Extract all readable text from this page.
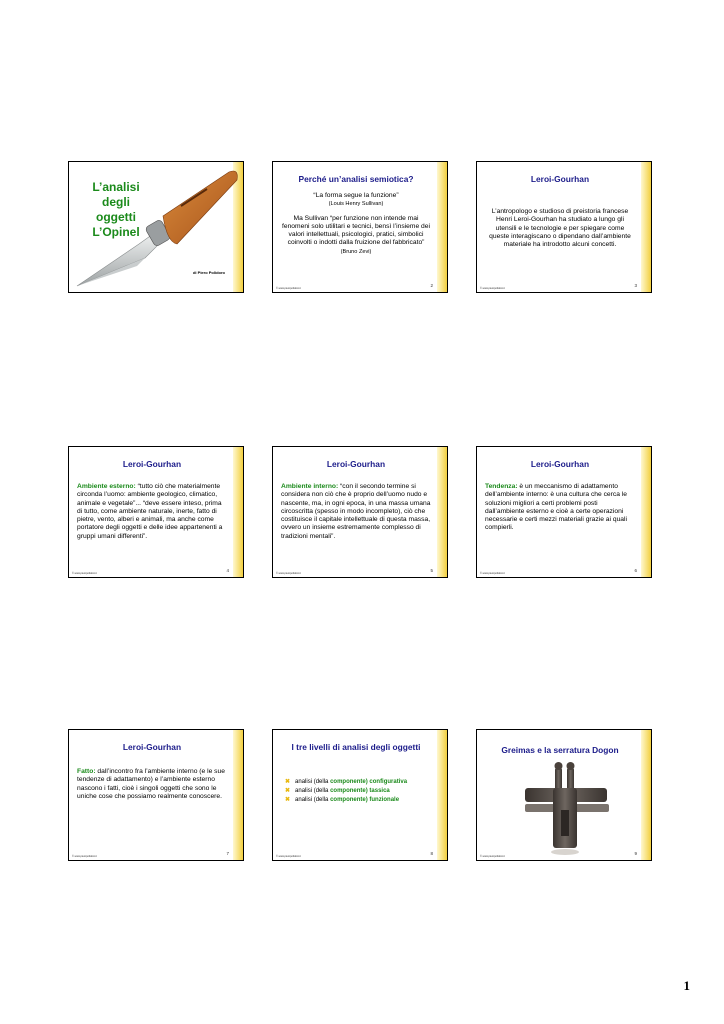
L’analisi
degli
oggetti
L’Opinel
di Piero Polidoro
Perché un’analisi semiotica?
“La forma segue la funzione”
(Louis Henry Sullivan)
Ma Sullivan “per funzione non intende mai fenomeni solo utilitari e tecnici, bensì l’insieme dei valori intellettuali, psicologici, pratici, simbolici coinvolti o indotti dalla fruizione del fabbricato”
(Bruno Zevi)
© www.pieropolidoro.it
2
Leroi-Gourhan
L’antropologo e studioso di preistoria francese Henri Leroi-Gourhan ha studiato a lungo gli utensili e le tecnologie e per spiegare come queste interagiscano o dipendano dall’ambiente materiale ha introdotto alcuni concetti.
© www.pieropolidoro.it
3
Leroi-Gourhan
Ambiente esterno: “tutto ciò che materialmente circonda l’uomo: ambiente geologico, climatico, animale e vegetale”... “deve essere inteso, prima di tutto, come ambiente naturale, inerte, fatto di pietre, vento, alberi e animali, ma anche come portatore degli oggetti e delle idee appartenenti a gruppi umani differenti”.
© www.pieropolidoro.it
4
Leroi-Gourhan
Ambiente interno: “con il secondo termine si considera non ciò che è proprio dell’uomo nudo e nascente, ma, in ogni epoca, in una massa umana circoscritta (spesso in modo incompleto), ciò che costituisce il capitale intellettuale di questa massa, ovvero un insieme estremamente complesso di tradizioni mentali”.
© www.pieropolidoro.it
5
Leroi-Gourhan
Tendenza: è un meccanismo di adattamento dell’ambiente interno: è una cultura che cerca le soluzioni migliori a certi problemi posti dall’ambiente esterno e cioè a certe operazioni necessarie e certi mezzi materiali grazie ai quali compierli.
© www.pieropolidoro.it
6
Leroi-Gourhan
Fatto: dall’incontro fra l’ambiente interno (e le sue tendenze di adattamento) e l’ambiente esterno nascono i fatti, cioè i singoli oggetti che sono le uniche cose che possiamo realmente conoscere.
© www.pieropolidoro.it
7
I tre livelli di analisi degli oggetti
✖ analisi (della componente) configurativa
✖ analisi (della componente) tassica
✖ analisi (della componente) funzionale
© www.pieropolidoro.it
8
Greimas e la serratura Dogon
© www.pieropolidoro.it
9
1
